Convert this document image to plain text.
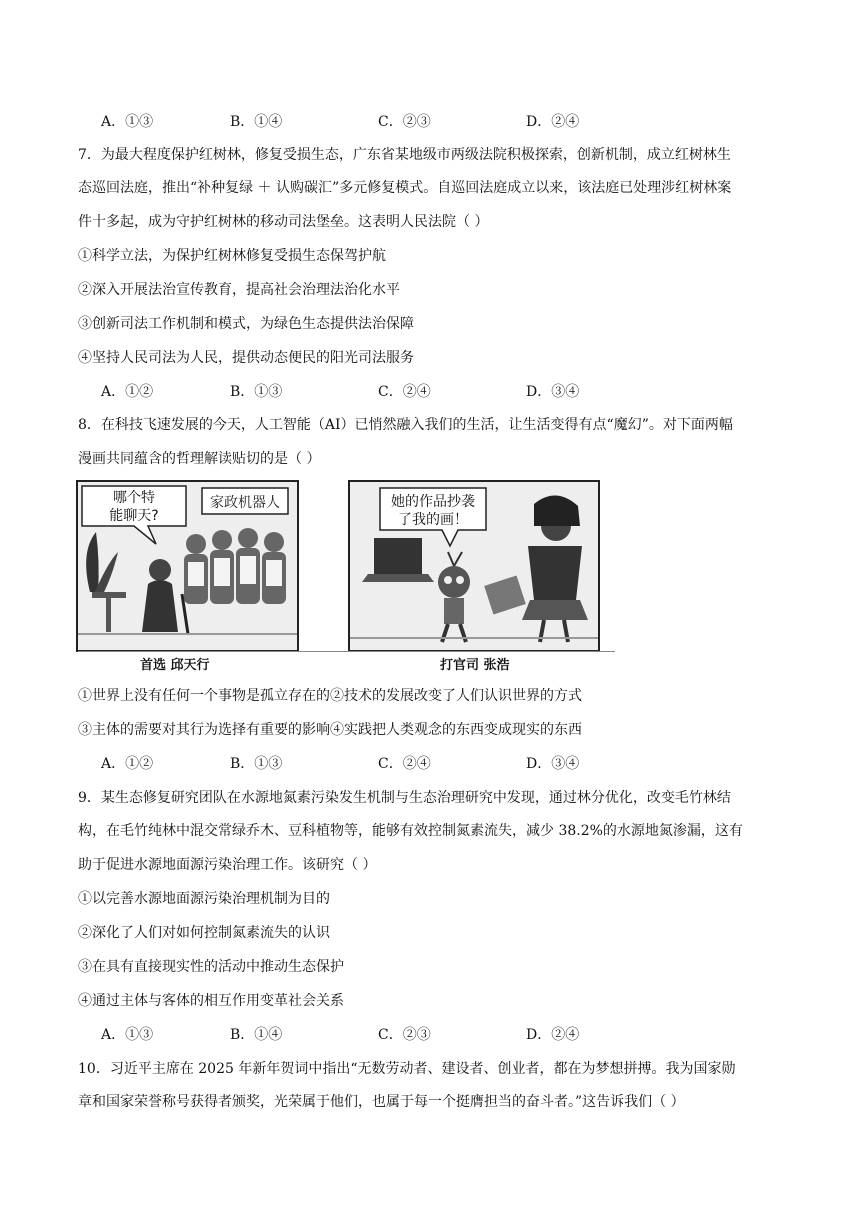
A．①③	B．①④	C．②③	D．②④
7．为最大程度保护红树林，修复受损生态，广东省某地级市两级法院积极探索，创新机制，成立红树林生
态巡回法庭，推出“补种复绿 ＋ 认购碳汇”多元修复模式。自巡回法庭成立以来，该法庭已处理涉红树林案
件十多起，成为守护红树林的移动司法堡垒。这表明人民法院（ ）
①科学立法，为保护红树林修复受损生态保驾护航
②深入开展法治宣传教育，提高社会治理法治化水平
③创新司法工作机制和模式，为绿色生态提供法治保障
④坚持人民司法为人民，提供动态便民的阳光司法服务
A．①②	B．①③	C．②④	D．③④
8．在科技飞速发展的今天，人工智能（AI）已悄然融入我们的生活，让生活变得有点“魔幻”。对下面两幅
漫画共同蕴含的哲理解读贴切的是（ ）
家政机器人
哪个特
能聊天?
她的作品抄袭
了我的画！
首选 邱天行	打官司 张浩
①世界上没有任何一个事物是孤立存在的②技术的发展改变了人们认识世界的方式
③主体的需要对其行为选择有重要的影响④实践把人类观念的东西变成现实的东西
A．①②	B．①③	C．②④	D．③④
9．某生态修复研究团队在水源地氮素污染发生机制与生态治理研究中发现，通过林分优化，改变毛竹林结
构，在毛竹纯林中混交常绿乔木、豆科植物等，能够有效控制氮素流失，减少 38.2%的水源地氮渗漏，这有
助于促进水源地面源污染治理工作。该研究（ ）
①以完善水源地面源污染治理机制为目的
②深化了人们对如何控制氮素流失的认识
③在具有直接现实性的活动中推动生态保护
④通过主体与客体的相互作用变革社会关系
A．①③	B．①④	C．②③	D．②④
10．习近平主席在 2025 年新年贺词中指出“无数劳动者、建设者、创业者，都在为梦想拼搏。我为国家勋
章和国家荣誉称号获得者颁奖，光荣属于他们，也属于每一个挺膺担当的奋斗者。”这告诉我们（ ）
